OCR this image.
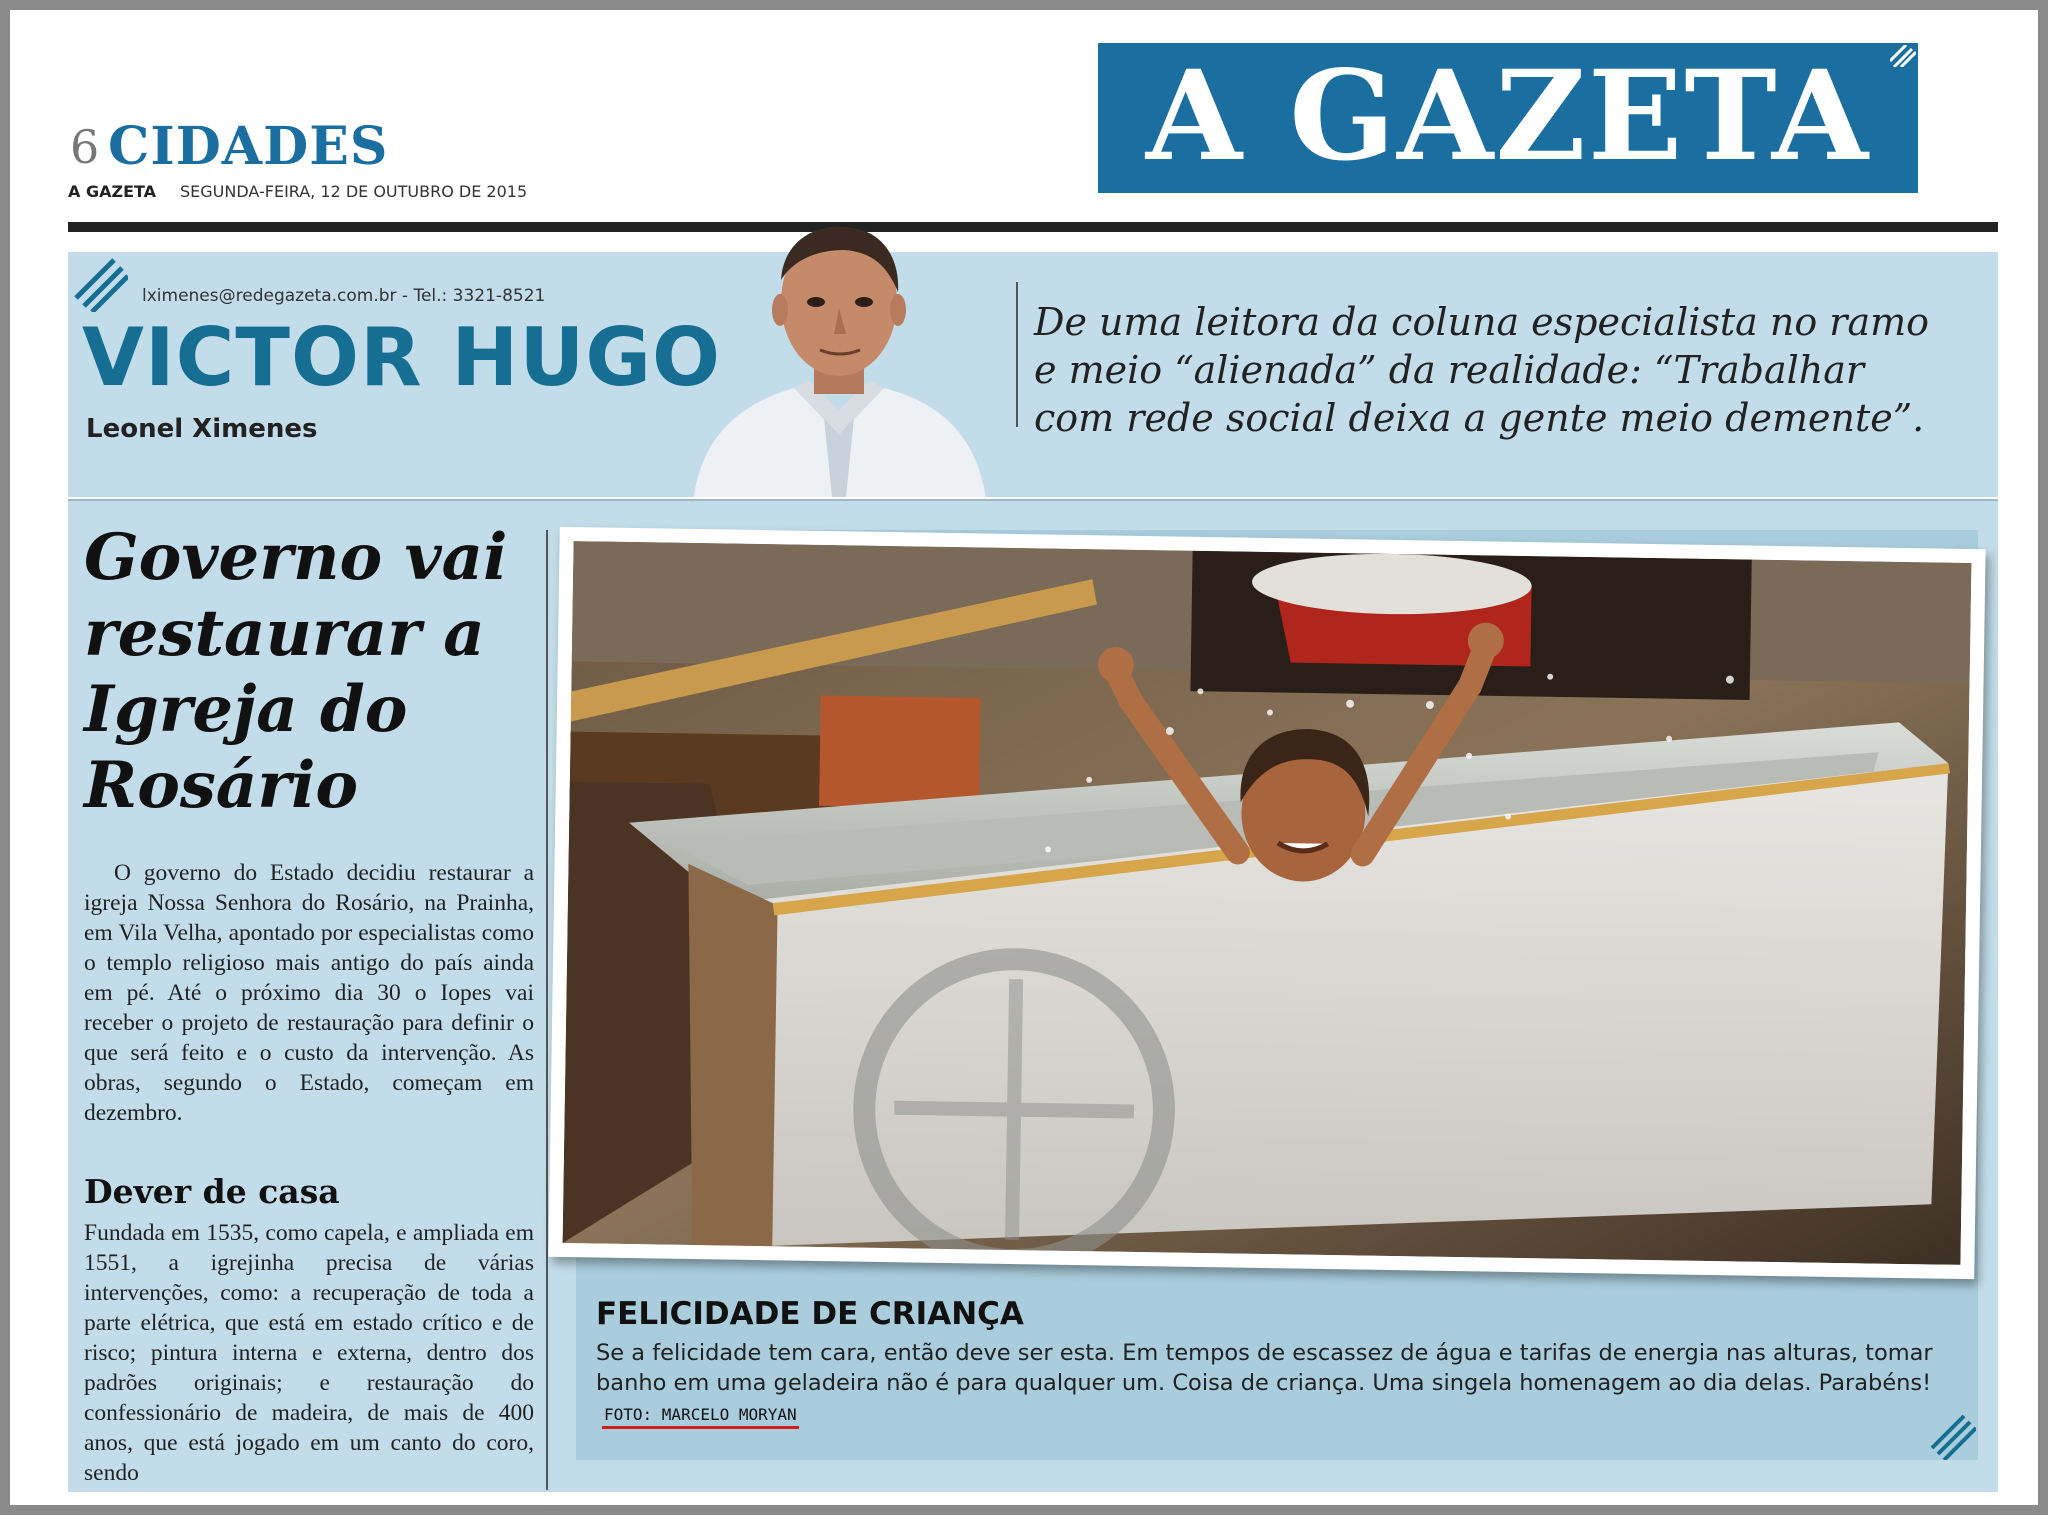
6 CIDADES
A GAZETA SEGUNDA-FEIRA, 12 DE OUTUBRO DE 2015
A GAZETA
lximenes@redegazeta.com.br - Tel.: 3321-8521
VICTOR HUGO
Leonel Ximenes
De uma leitora da coluna especialista no ramo e meio “alienada” da realidade: “Trabalhar com rede social deixa a gente meio demente”.
Governo vai restaurar a Igreja do Rosário
O governo do Estado decidiu restaurar a igreja Nossa Senhora do Rosário, na Prainha, em Vila Velha, apontado por especialistas como o templo religioso mais antigo do país ainda em pé. Até o próximo dia 30 o Iopes vai receber o projeto de restauração para definir o que será feito e o custo da intervenção. As obras, segundo o Estado, começam em dezembro.
Dever de casa
Fundada em 1535, como capela, e ampliada em 1551, a igrejinha precisa de várias intervenções, como: a recuperação de toda a parte elétrica, que está em estado crítico e de risco; pintura interna e externa, dentro dos padrões originais; e restauração do confessionário de madeira, de mais de 400 anos, que está jogado em um canto do coro, sendo
FELICIDADE DE CRIANÇA
Se a felicidade tem cara, então deve ser esta. Em tempos de escassez de água e tarifas de energia nas alturas, tomar banho em uma geladeira não é para qualquer um. Coisa de criança. Uma singela homenagem ao dia delas. Parabéns! FOTO: MARCELO MORYAN
